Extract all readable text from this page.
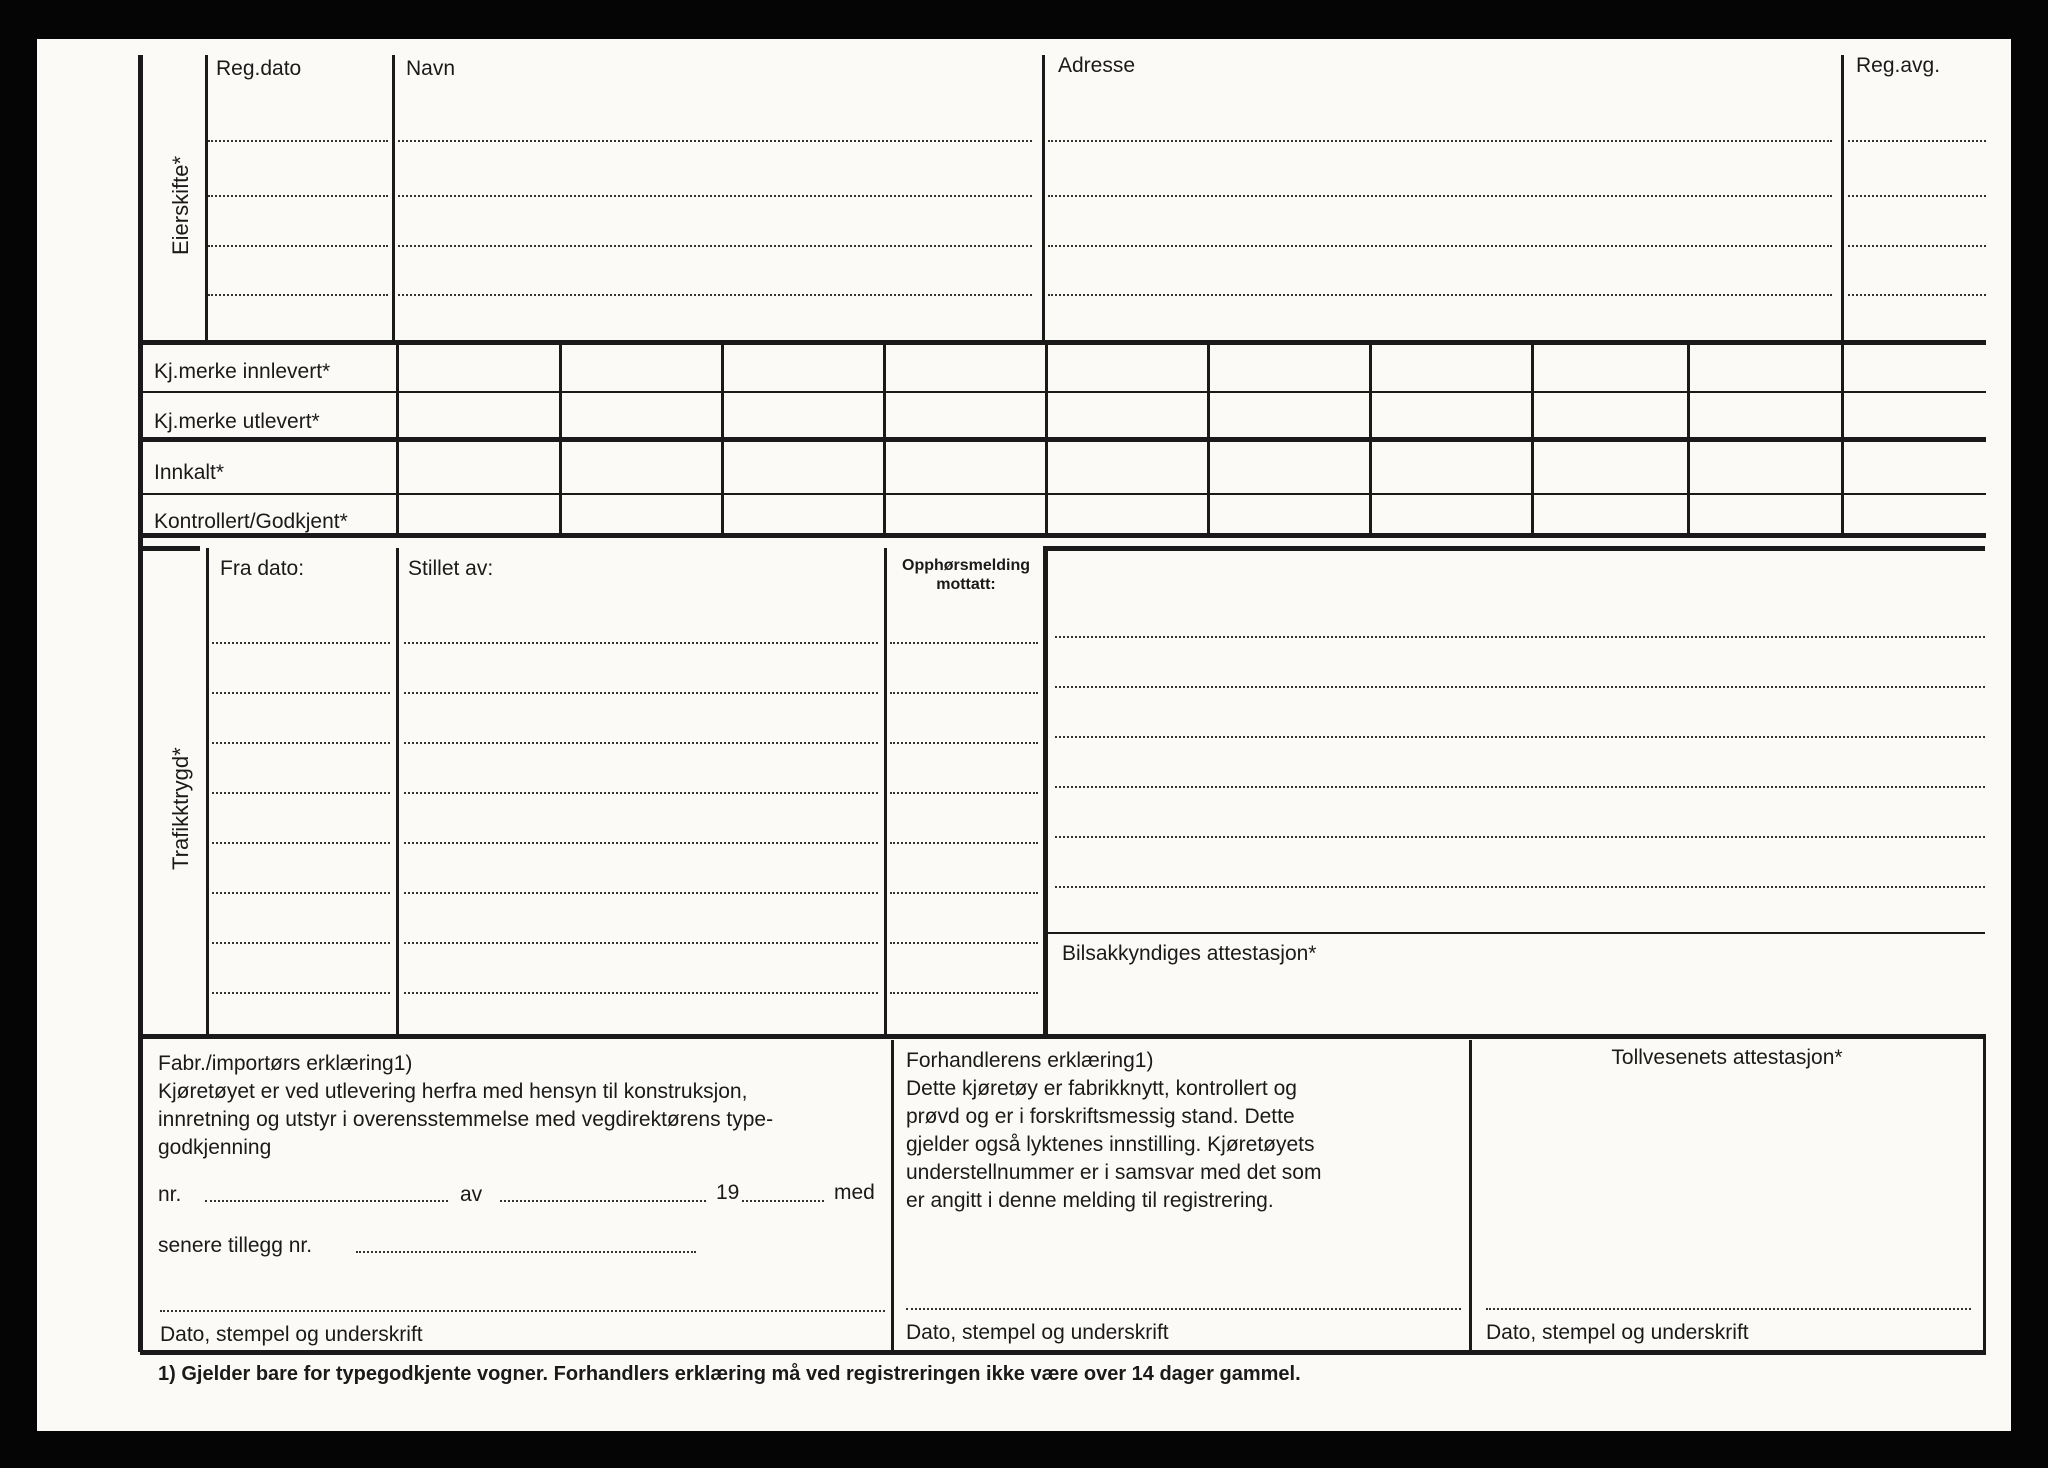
Eierskifte*
Reg.dato	Navn	Adresse	Reg.avg.
Kj.merke innlevert*
Kj.merke utlevert*
Innkalt*
Kontrollert/Godkjent*
Trafikktrygd*
Fra dato:	Stillet av:	Opphørsmelding
mottatt:
Bilsakkyndiges attestasjon*
Fabr./importørs erklæring1)
Kjøretøyet er ved utlevering herfra med hensyn til konstruksjon,
innretning og utstyr i overensstemmelse med vegdirektørens type-
godkjenning
nr.	av	19	med
senere tillegg nr.
Dato, stempel og underskrift
Forhandlerens erklæring1)
Dette kjøretøy er fabrikknytt, kontrollert og
prøvd og er i forskriftsmessig stand. Dette
gjelder også lyktenes innstilling. Kjøretøyets
understellnummer er i samsvar med det som
er angitt i denne melding til registrering.
Dato, stempel og underskrift
Tollvesenets attestasjon*
Dato, stempel og underskrift
1) Gjelder bare for typegodkjente vogner. Forhandlers erklæring må ved registreringen ikke være over 14 dager gammel.
